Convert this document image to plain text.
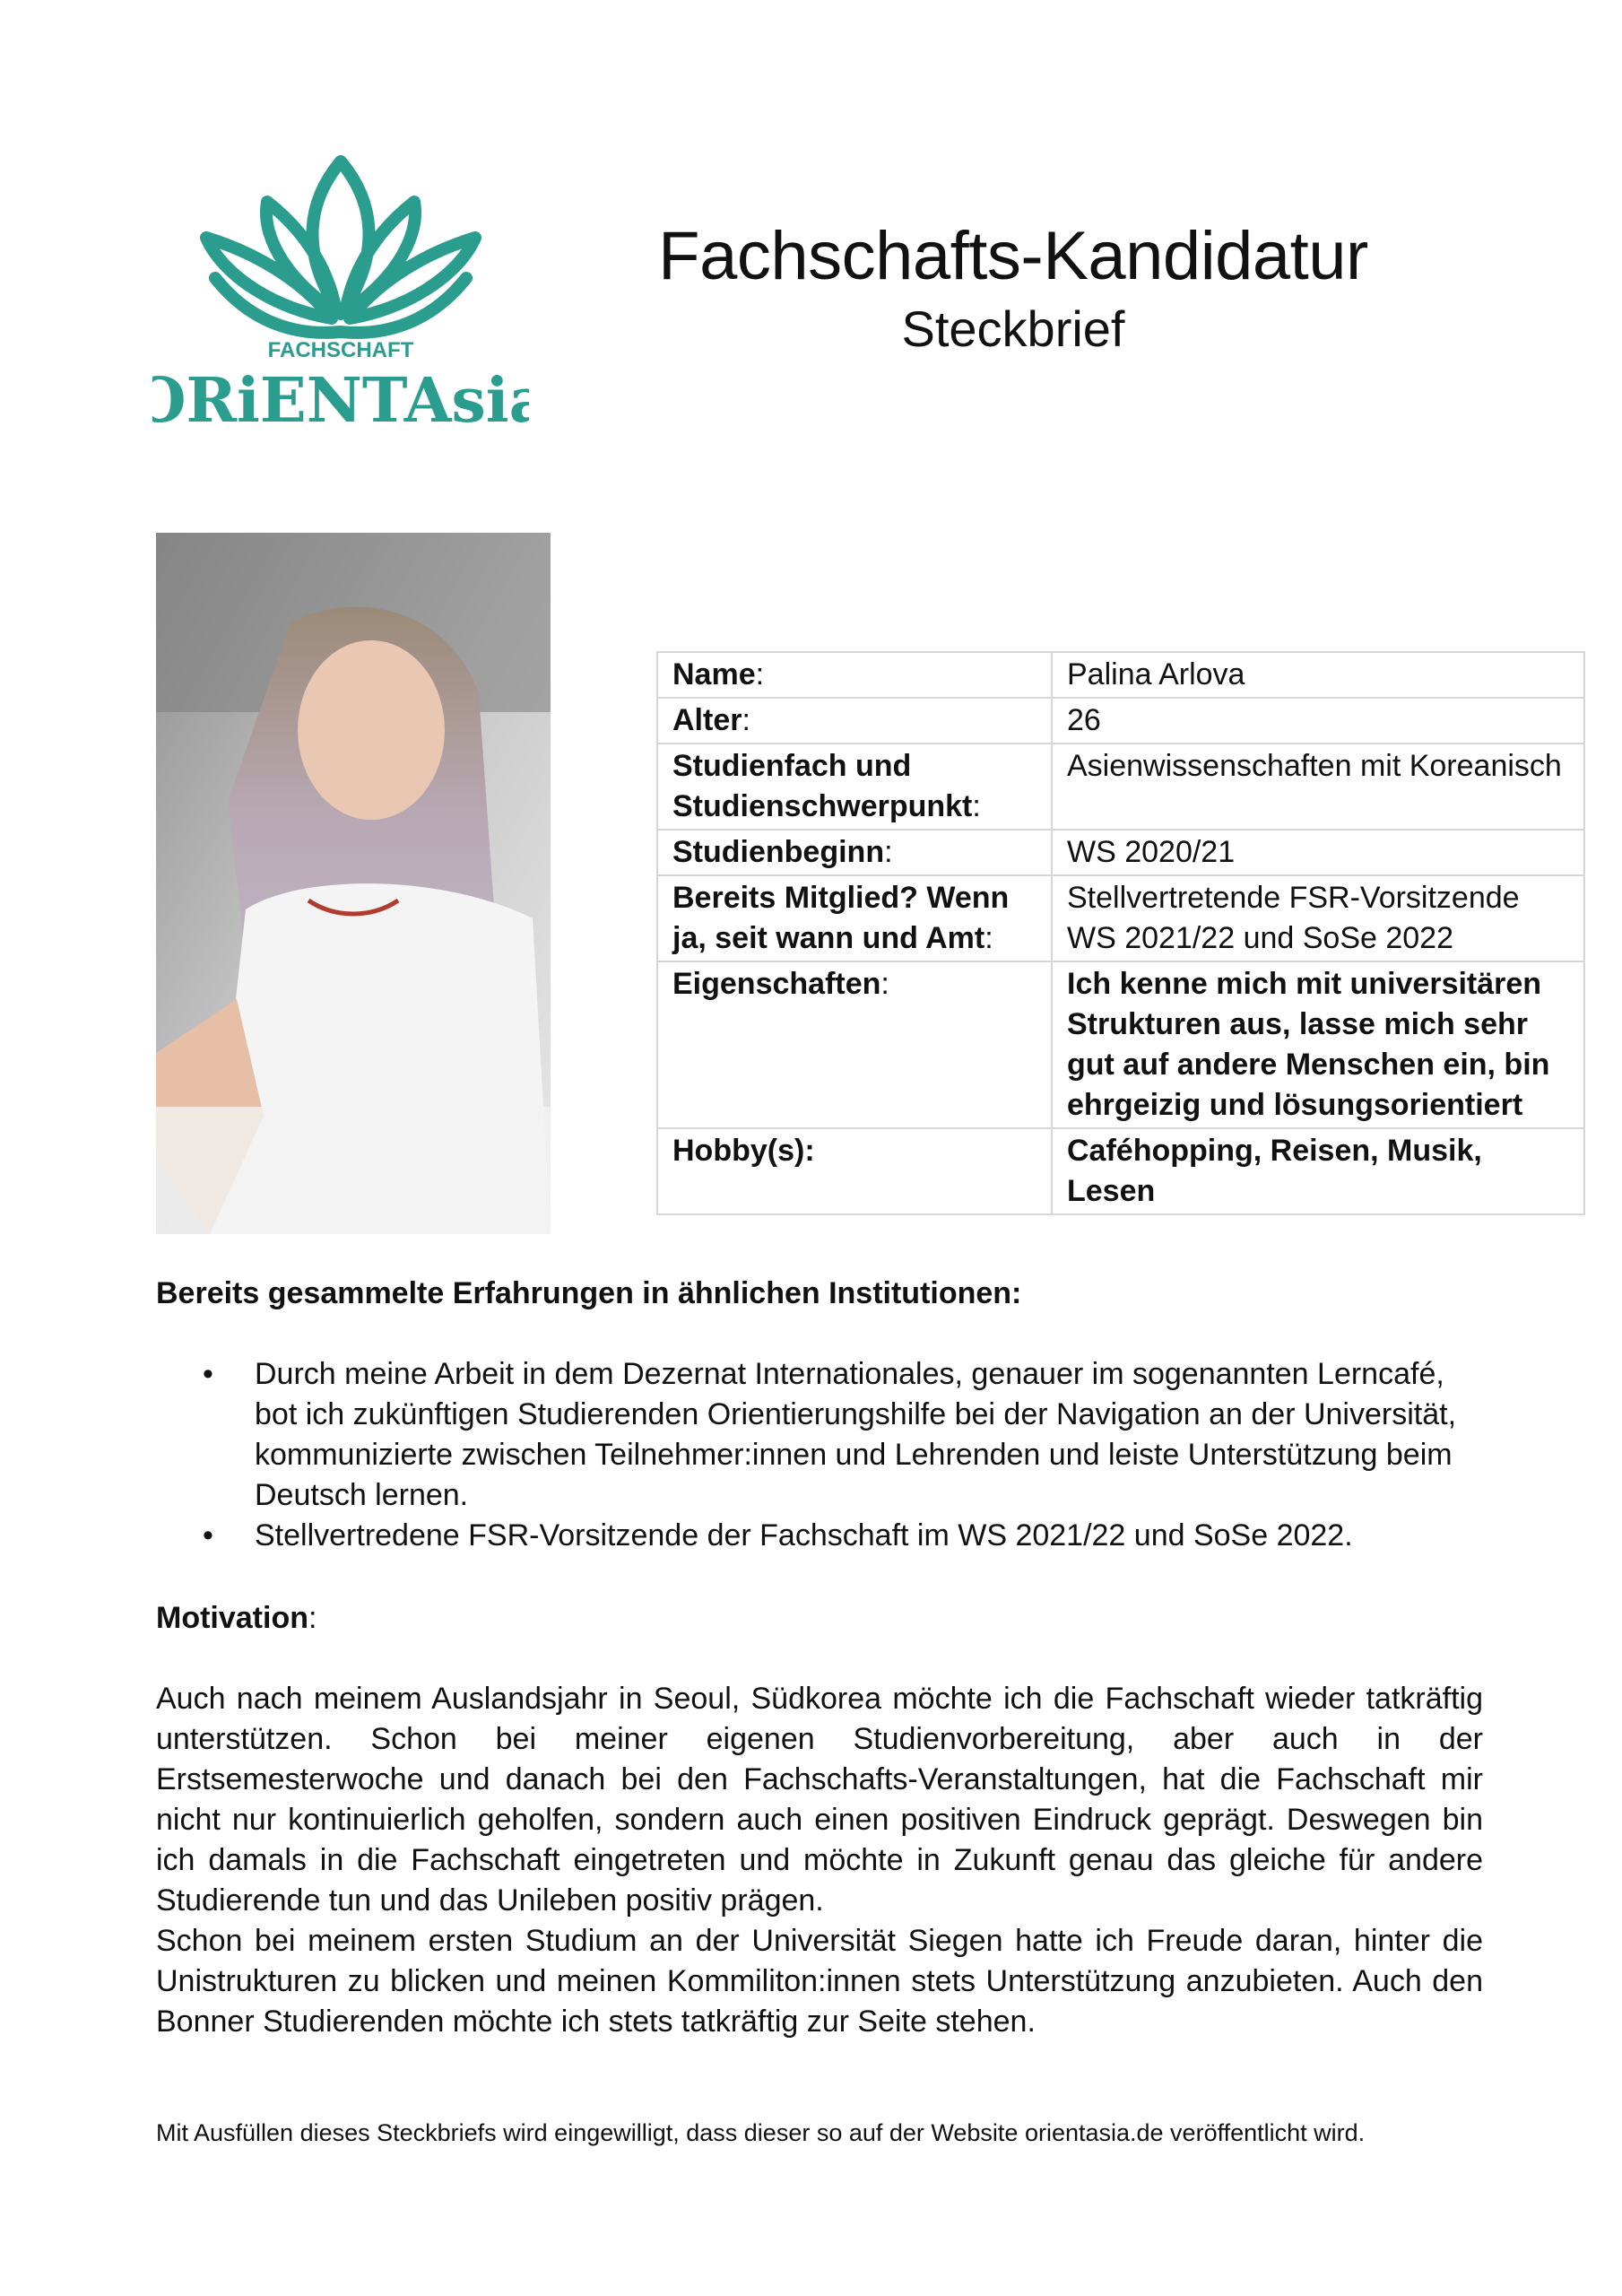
FACHSCHAFT
ORiENTAsia
Fachschafts-Kandidatur
Steckbrief
Name:	Palina Arlova
Alter:	26
Studienfach und Studienschwerpunkt:	Asienwissenschaften mit Koreanisch
Studienbeginn:	WS 2020/21
Bereits Mitglied? Wenn ja, seit wann und Amt:	Stellvertretende FSR-Vorsitzende WS 2021/22 und SoSe 2022
Eigenschaften:	Ich kenne mich mit universitären Strukturen aus, lasse mich sehr gut auf andere Menschen ein, bin ehrgeizig und lösungsorientiert
Hobby(s):	Caféhopping, Reisen, Musik, Lesen
Bereits gesammelte Erfahrungen in ähnlichen Institutionen:
• Durch meine Arbeit in dem Dezernat Internationales, genauer im sogenannten Lerncafé, bot ich zukünftigen Studierenden Orientierungshilfe bei der Navigation an der Universität, kommunizierte zwischen Teilnehmer:innen und Lehrenden und leiste Unterstützung beim Deutsch lernen.
• Stellvertredene FSR-Vorsitzende der Fachschaft im WS 2021/22 und SoSe 2022.
Motivation:

Auch nach meinem Auslandsjahr in Seoul, Südkorea möchte ich die Fachschaft wieder tatkräftig unterstützen. Schon bei meiner eigenen Studienvorbereitung, aber auch in der Erstsemesterwoche und danach bei den Fachschafts-Veranstaltungen, hat die Fachschaft mir nicht nur kontinuierlich geholfen, sondern auch einen positiven Eindruck geprägt. Deswegen bin ich damals in die Fachschaft eingetreten und möchte in Zukunft genau das gleiche für andere Studierende tun und das Unileben positiv prägen.

Schon bei meinem ersten Studium an der Universität Siegen hatte ich Freude daran, hinter die Unistrukturen zu blicken und meinen Kommiliton:innen stets Unterstützung anzubieten. Auch den Bonner Studierenden möchte ich stets tatkräftig zur Seite stehen.

Mit Ausfüllen dieses Steckbriefs wird eingewilligt, dass dieser so auf der Website orientasia.de veröffentlicht wird.
